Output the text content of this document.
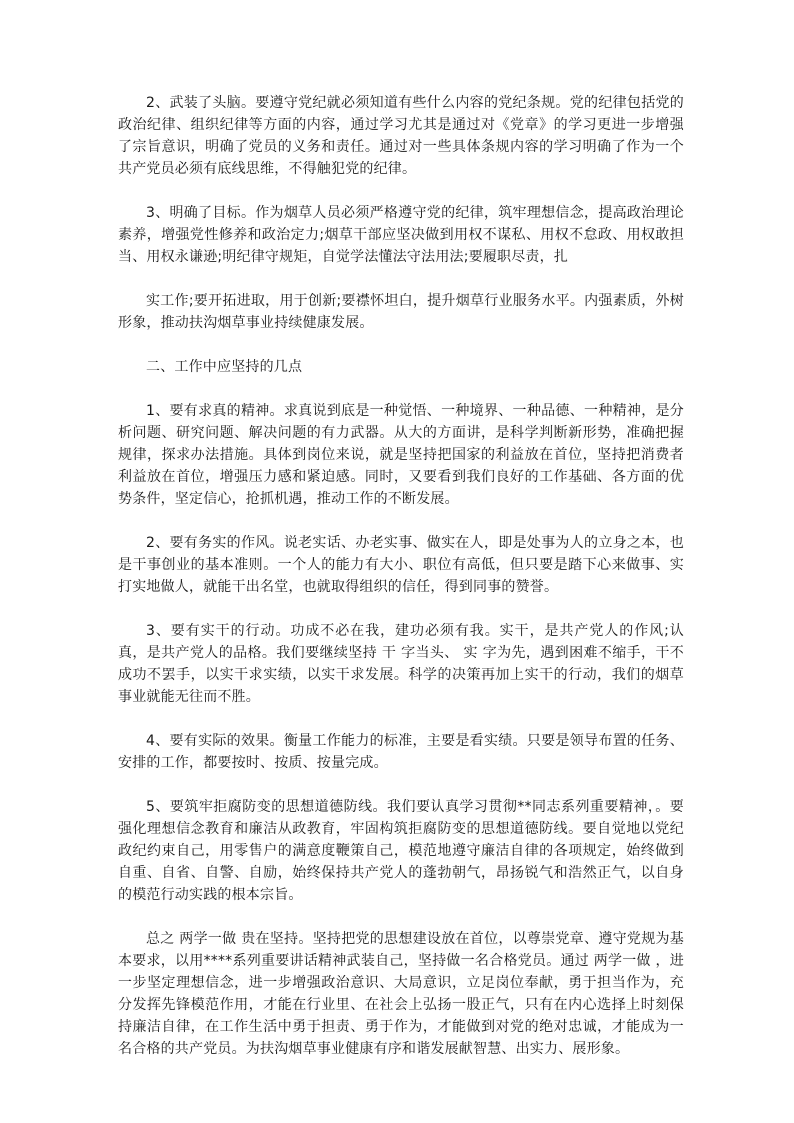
2、武装了头脑。要遵守党纪就必须知道有些什么内容的党纪条规。党的纪律包括党的政治纪律、组织纪律等方面的内容，通过学习尤其是通过对《党章》的学习更进一步增强了宗旨意识，明确了党员的义务和责任。通过对一些具体条规内容的学习明确了作为一个共产党员必须有底线思维，不得触犯党的纪律。

3、明确了目标。作为烟草人员必须严格遵守党的纪律，筑牢理想信念，提高政治理论素养，增强党性修养和政治定力;烟草干部应坚决做到用权不谋私、用权不怠政、用权敢担当、用权永谦逊;明纪律守规矩，自觉学法懂法守法用法;要履职尽责，扎

实工作;要开拓进取，用于创新;要襟怀坦白，提升烟草行业服务水平。内强素质，外树形象，推动扶沟烟草事业持续健康发展。

二、工作中应坚持的几点

1、要有求真的精神。求真说到底是一种觉悟、一种境界、一种品德、一种精神，是分析问题、研究问题、解决问题的有力武器。从大的方面讲，是科学判断新形势，准确把握规律，探求办法措施。具体到岗位来说，就是坚持把国家的利益放在首位，坚持把消费者利益放在首位，增强压力感和紧迫感。同时，又要看到我们良好的工作基础、各方面的优势条件，坚定信心，抢抓机遇，推动工作的不断发展。

2、要有务实的作风。说老实话、办老实事、做实在人，即是处事为人的立身之本，也是干事创业的基本准则。一个人的能力有大小、职位有高低，但只要是踏下心来做事、实打实地做人，就能干出名堂，也就取得组织的信任，得到同事的赞誉。

3、要有实干的行动。功成不必在我，建功必须有我。实干，是共产党人的作风;认真，是共产党人的品格。我们要继续坚持 干 字当头、 实 字为先，遇到困难不缩手，干不成功不罢手，以实干求实绩，以实干求发展。科学的决策再加上实干的行动，我们的烟草事业就能无往而不胜。

4、要有实际的效果。衡量工作能力的标准，主要是看实绩。只要是领导布置的任务、安排的工作，都要按时、按质、按量完成。

5、要筑牢拒腐防变的思想道德防线。我们要认真学习贯彻**同志系列重要精神，。要强化理想信念教育和廉洁从政教育，牢固构筑拒腐防变的思想道德防线。要自觉地以党纪政纪约束自己，用零售户的满意度鞭策自己，模范地遵守廉洁自律的各项规定，始终做到自重、自省、自警、自励，始终保持共产党人的蓬勃朝气，昂扬锐气和浩然正气，以自身的模范行动实践的根本宗旨。

总之 两学一做 贵在坚持。坚持把党的思想建设放在首位，以尊崇党章、遵守党规为基本要求，以用****系列重要讲话精神武装自己，坚持做一名合格党员。通过 两学一做 ，进一步坚定理想信念，进一步增强政治意识、大局意识，立足岗位奉献，勇于担当作为，充分发挥先锋模范作用，才能在行业里、在社会上弘扬一股正气，只有在内心选择上时刻保持廉洁自律，在工作生活中勇于担责、勇于作为，才能做到对党的绝对忠诚，才能成为一名合格的共产党员。为扶沟烟草事业健康有序和谐发展献智慧、出实力、展形象。
